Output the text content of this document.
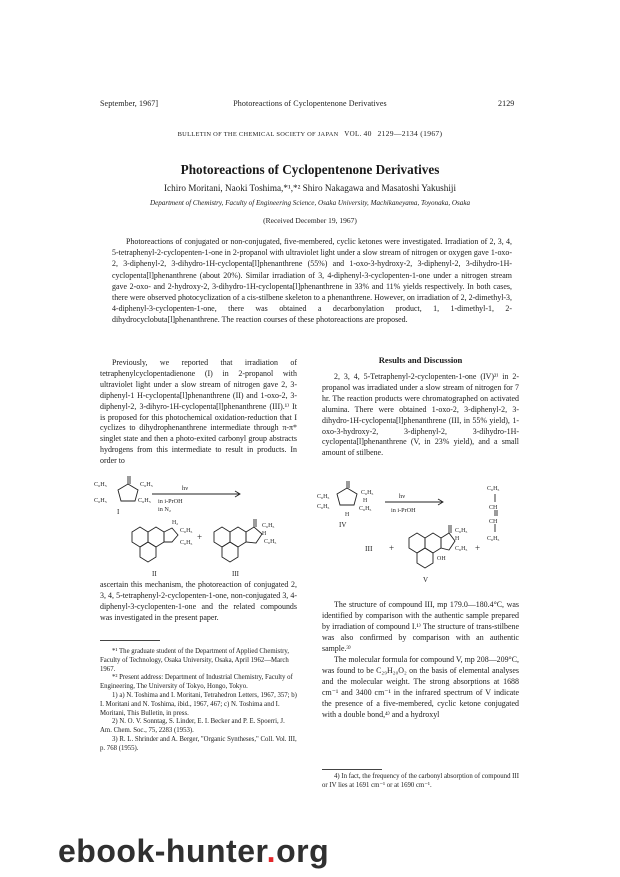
September, 1967]	Photoreactions of Cyclopentenone Derivatives	2129
BULLETIN OF THE CHEMICAL SOCIETY OF JAPAN VOL. 40 2129—2134 (1967)
Photoreactions of Cyclopentenone Derivatives
Ichiro Moritani, Naoki Toshima,*¹,*² Shiro Nakagawa and Masatoshi Yakushiji
Department of Chemistry, Faculty of Engineering Science, Osaka University, Machikaneyama, Toyonaka, Osaka
(Received December 19, 1967)

Photoreactions of conjugated or non-conjugated, five-membered, cyclic ketones were investigated. Irradiation of 2, 3, 4, 5-tetraphenyl-2-cyclopenten-1-one in 2-propanol with ultraviolet light under a slow stream of nitrogen or oxygen gave 1-oxo-2, 3-diphenyl-2, 3-dihydro-1H-cyclopenta[l]phenanthrene (55%) and 1-oxo-3-hydroxy-2, 3-diphenyl-2, 3-dihydro-1H-cyclopenta[l]phenanthrene (about 20%). Similar irradiation of 3, 4-diphenyl-3-cyclopenten-1-one under a nitrogen stream gave 2-oxo- and 2-hydroxy-2, 3-dihydro-1H-cyclopenta[l]phenanthrene in 33% and 11% yields respectively. In both cases, there were observed photocyclization of a cis-stilbene skeleton to a phenanthrene. However, on irradiation of 2, 2-dimethyl-3, 4-diphenyl-3-cyclopenten-1-one, there was obtained a decarbonylation product, 1, 1-dimethyl-1, 2-dihydrocyclobuta[l]phenanthrene. The reaction courses of these photoreactions are proposed.

Previously, we reported that irradiation of tetraphenylcyclopentadienone (I) in 2-propanol with ultraviolet light under a slow stream of nitrogen gave 2, 3-diphenyl-1 H-cyclopenta[l]phenanthrene (II) and 1-oxo-2, 3-diphenyl-2, 3-dihyro-1H-cyclopenta[l]phenanthrene (III).¹⁾ It is proposed for this photochemical oxidation-reduction that I cyclizes to dihydrophenanthrene intermediate through π-π* singlet state and then a photo-exited carbonyl group abstracts hydrogens from this intermediate to result in products. In order to

C₆H₅	C₆H₅
C₆H₅	C₆H₅
I
hν
in i-PrOH
in N₂
H₂
C₆H₅
C₆H₅
II
+
C₆H₅
H
C₆H₅
III

ascertain this mechanism, the photoreaction of conjugated 2, 3, 4, 5-tetraphenyl-2-cyclopenten-1-one, non-conjugated 3, 4-diphenyl-3-cyclopenten-1-one and the related compounds was investigated in the present paper.

*¹ The graduate student of the Department of Applied Chemistry, Faculty of Technology, Osaka University, Osaka, April 1962—March 1967.

*² Present address: Department of Industrial Chemistry, Faculty of Engineering, The University of Tokyo, Hongo, Tokyo.

1) a) N. Toshima and I. Moritani, Tetrahedron Letters, 1967, 357; b) I. Moritani and N. Toshima, ibid., 1967, 467; c) N. Toshima and I. Moritani, This Bulletin, in press.

2) N. O. V. Sonntag, S. Linder, E. I. Becker and P. E. Spoerri, J. Am. Chem. Soc., 75, 2283 (1953).

3) R. L. Shrinder and A. Berger, "Organic Syntheses," Coll. Vol. III, p. 768 (1955).

Results and Discussion

2, 3, 4, 5-Tetraphenyl-2-cyclopenten-1-one (IV)²⁾ in 2-propanol was irradiated under a slow stream of nitrogen for 7 hr. The reaction products were chromatographed on activated alumina. There were obtained 1-oxo-2, 3-diphenyl-2, 3-dihydro-1H-cyclopenta[l]phenanthrene (III, in 55% yield), 1-oxo-3-hydroxy-2, 3-diphenyl-2, 3-dihydro-1H-cyclopenta[l]phenanthrene (V, in 23% yield), and a small amount of stilbene.

C₆H₅
C₆H₅
H
C₆H₅	C₆H₅
H
IV
hν
in i-PrOH
III +
C₆H₅
H
C₆H₅
OH
V
+
C₆H₅
CH
CH
C₆H₅

The structure of compound III, mp 179.0—180.4°C, was identified by comparison with the authentic sample prepared by irradiation of compound I.¹⁾ The structure of trans-stilbene was also confirmed by comparison with an authentic sample.³⁾

The molecular formula for compound V, mp 208—209°C, was found to be C₂₉H₂₀O₂ on the basis of elemental analyses and the molecular weight. The strong absorptions at 1688 cm⁻¹ and 3400 cm⁻¹ in the infrared spectrum of V indicate the presence of a five-membered, cyclic ketone conjugated with a double bond,⁴⁾ and a hydroxyl

4) In fact, the frequency of the carbonyl absorption of compound III or IV lies at 1691 cm⁻¹ or at 1690 cm⁻¹.

ebook-hunter.org
